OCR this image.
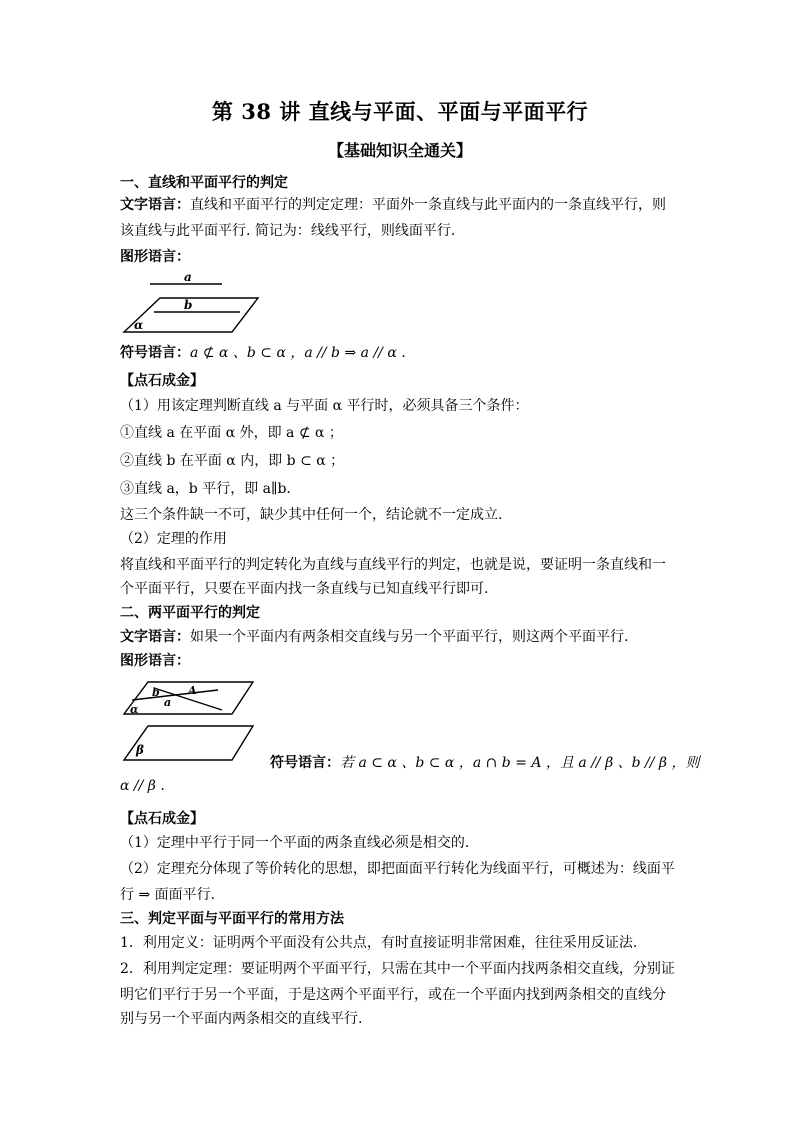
第 38 讲 直线与平面、平面与平面平行
【基础知识全通关】
一、直线和平面平行的判定
文字语言：直线和平面平行的判定定理：平面外一条直线与此平面内的一条直线平行，则
该直线与此平面平行. 简记为：线线平行，则线面平行.
图形语言：
a
b
α
符号语言：a ⊄ α 、b ⊂ α ，a // b ⇒ a // α .
【点石成金】
（1）用该定理判断直线 a 与平面 α 平行时，必须具备三个条件：
①直线 a 在平面 α 外，即 a ⊄ α ；
②直线 b 在平面 α 内，即 b ⊂ α ；
③直线 a，b 平行，即 a∥b.
这三个条件缺一不可，缺少其中任何一个，结论就不一定成立.
（2）定理的作用
将直线和平面平行的判定转化为直线与直线平行的判定，也就是说，要证明一条直线和一
个平面平行，只要在平面内找一条直线与已知直线平行即可.
二、两平面平行的判定
文字语言：如果一个平面内有两条相交直线与另一个平面平行，则这两个平面平行.
图形语言：
b
a
A
α
β
符号语言：若 a ⊂ α 、b ⊂ α ，a ∩ b = A ，且 a // β 、b // β ，则
α // β .
【点石成金】
（1）定理中平行于同一个平面的两条直线必须是相交的.
（2）定理充分体现了等价转化的思想，即把面面平行转化为线面平行，可概述为：线面平
行 ⇒ 面面平行.
三、判定平面与平面平行的常用方法
1．利用定义：证明两个平面没有公共点，有时直接证明非常困难，往往采用反证法.
2．利用判定定理：要证明两个平面平行，只需在其中一个平面内找两条相交直线，分别证
明它们平行于另一个平面，于是这两个平面平行，或在一个平面内找到两条相交的直线分
别与另一个平面内两条相交的直线平行.
